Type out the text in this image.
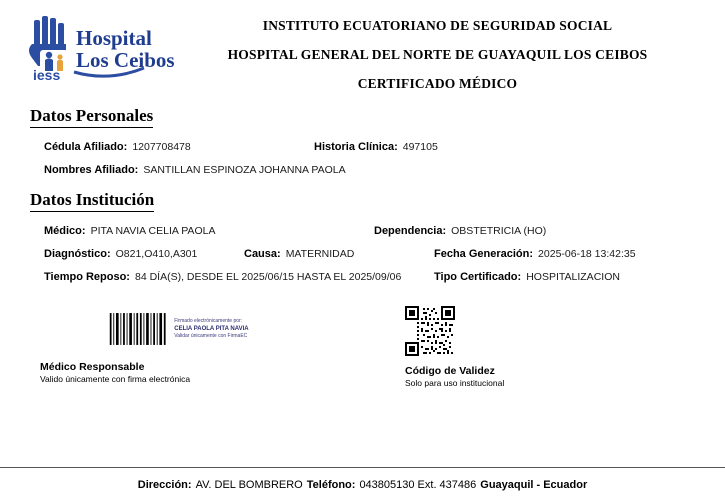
iess
Hospital
Los Ceibos
INSTITUTO ECUATORIANO DE SEGURIDAD SOCIAL
HOSPITAL GENERAL DEL NORTE DE GUAYAQUIL LOS CEIBOS
CERTIFICADO MÉDICO
Datos Personales
Cédula Afiliado: 1207708478	Historia Clínica: 497105
Nombres Afiliado: SANTILLAN ESPINOZA JOHANNA PAOLA
Datos Institución
Médico: PITA NAVIA CELIA PAOLA	Dependencia: OBSTETRICIA (HO)
Diagnóstico: O821,O410,A301	Causa: MATERNIDAD	Fecha Generación: 2025-06-18 13:42:35
Tiempo Reposo: 84 DÍA(S), DESDE EL 2025/06/15 HASTA EL 2025/09/06	Tipo Certificado: HOSPITALIZACION
Firmado electrónicamente por:
CELIA PAOLA PITA NAVIA
Validar únicamente con FirmaEC
Médico Responsable
Valido únicamente con firma electrónica
Código de Validez
Solo para uso institucional
Dirección: AV. DEL BOMBRERO Teléfono: 043805130 Ext. 437486 Guayaquil - Ecuador
